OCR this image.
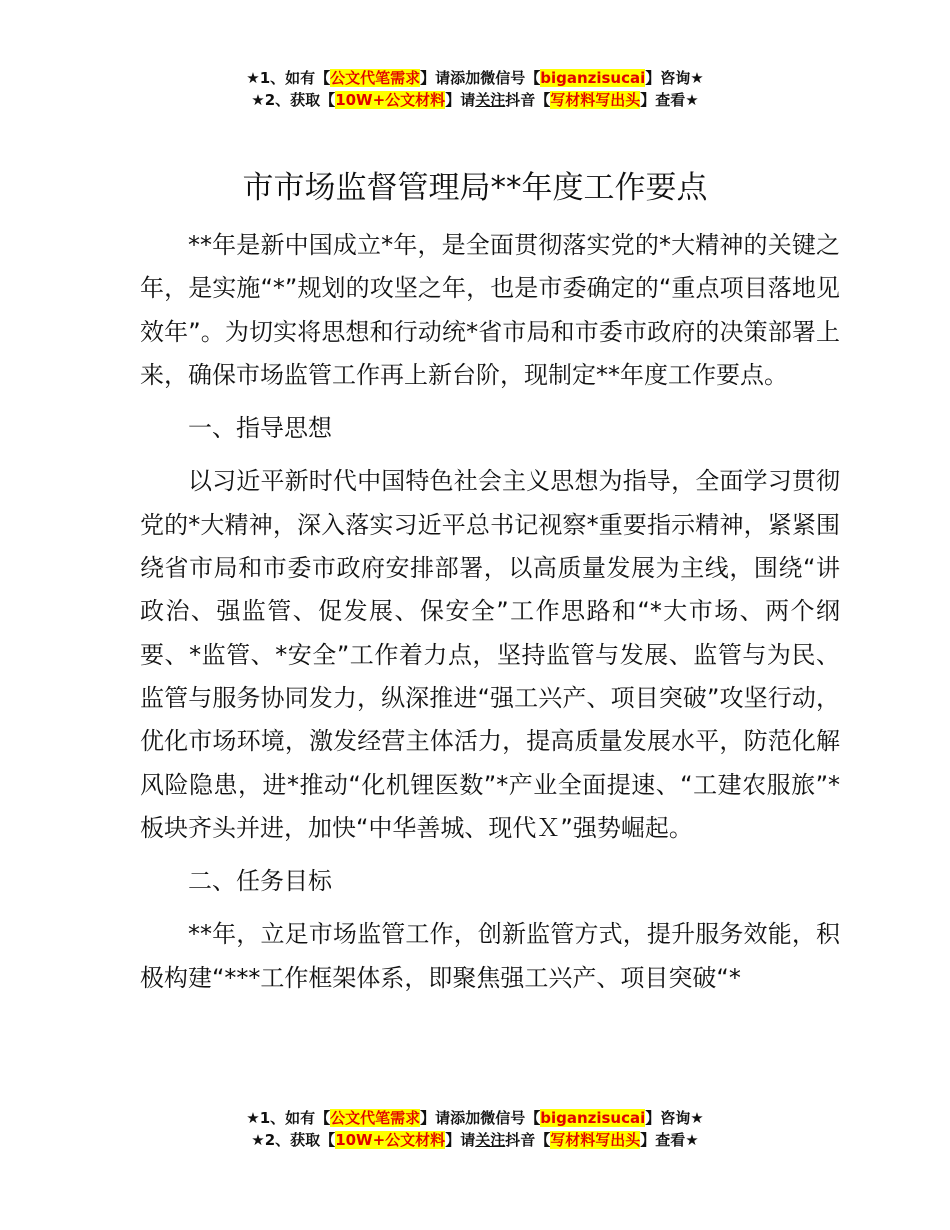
★1、如有【公文代笔需求】请添加微信号【biganzisucai】咨询★
★2、获取【10W+公文材料】请关注抖音【写材料写出头】查看★
市市场监督管理局**年度工作要点

**年是新中国成立*年，是全面贯彻落实党的*大精神的关键之年，是实施“*”规划的攻坚之年，也是市委确定的“重点项目落地见效年”。为切实将思想和行动统*省市局和市委市政府的决策部署上来，确保市场监管工作再上新台阶，现制定**年度工作要点。

一、指导思想

以习近平新时代中国特色社会主义思想为指导，全面学习贯彻党的*大精神，深入落实习近平总书记视察*重要指示精神，紧紧围绕省市局和市委市政府安排部署，以高质量发展为主线，围绕“讲政治、强监管、促发展、保安全”工作思路和“*大市场、两个纲要、*监管、*安全”工作着力点，坚持监管与发展、监管与为民、监管与服务协同发力，纵深推进“强工兴产、项目突破”攻坚行动，优化市场环境，激发经营主体活力，提高质量发展水平，防范化解风险隐患，进*推动“化机锂医数”*产业全面提速、“工建农服旅”*板块齐头并进，加快“中华善城、现代Ｘ”强势崛起。

二、任务目标

**年，立足市场监管工作，创新监管方式，提升服务效能，积极构建“***工作框架体系，即聚焦强工兴产、项目突破“*

★1、如有【公文代笔需求】请添加微信号【biganzisucai】咨询★
★2、获取【10W+公文材料】请关注抖音【写材料写出头】查看★
